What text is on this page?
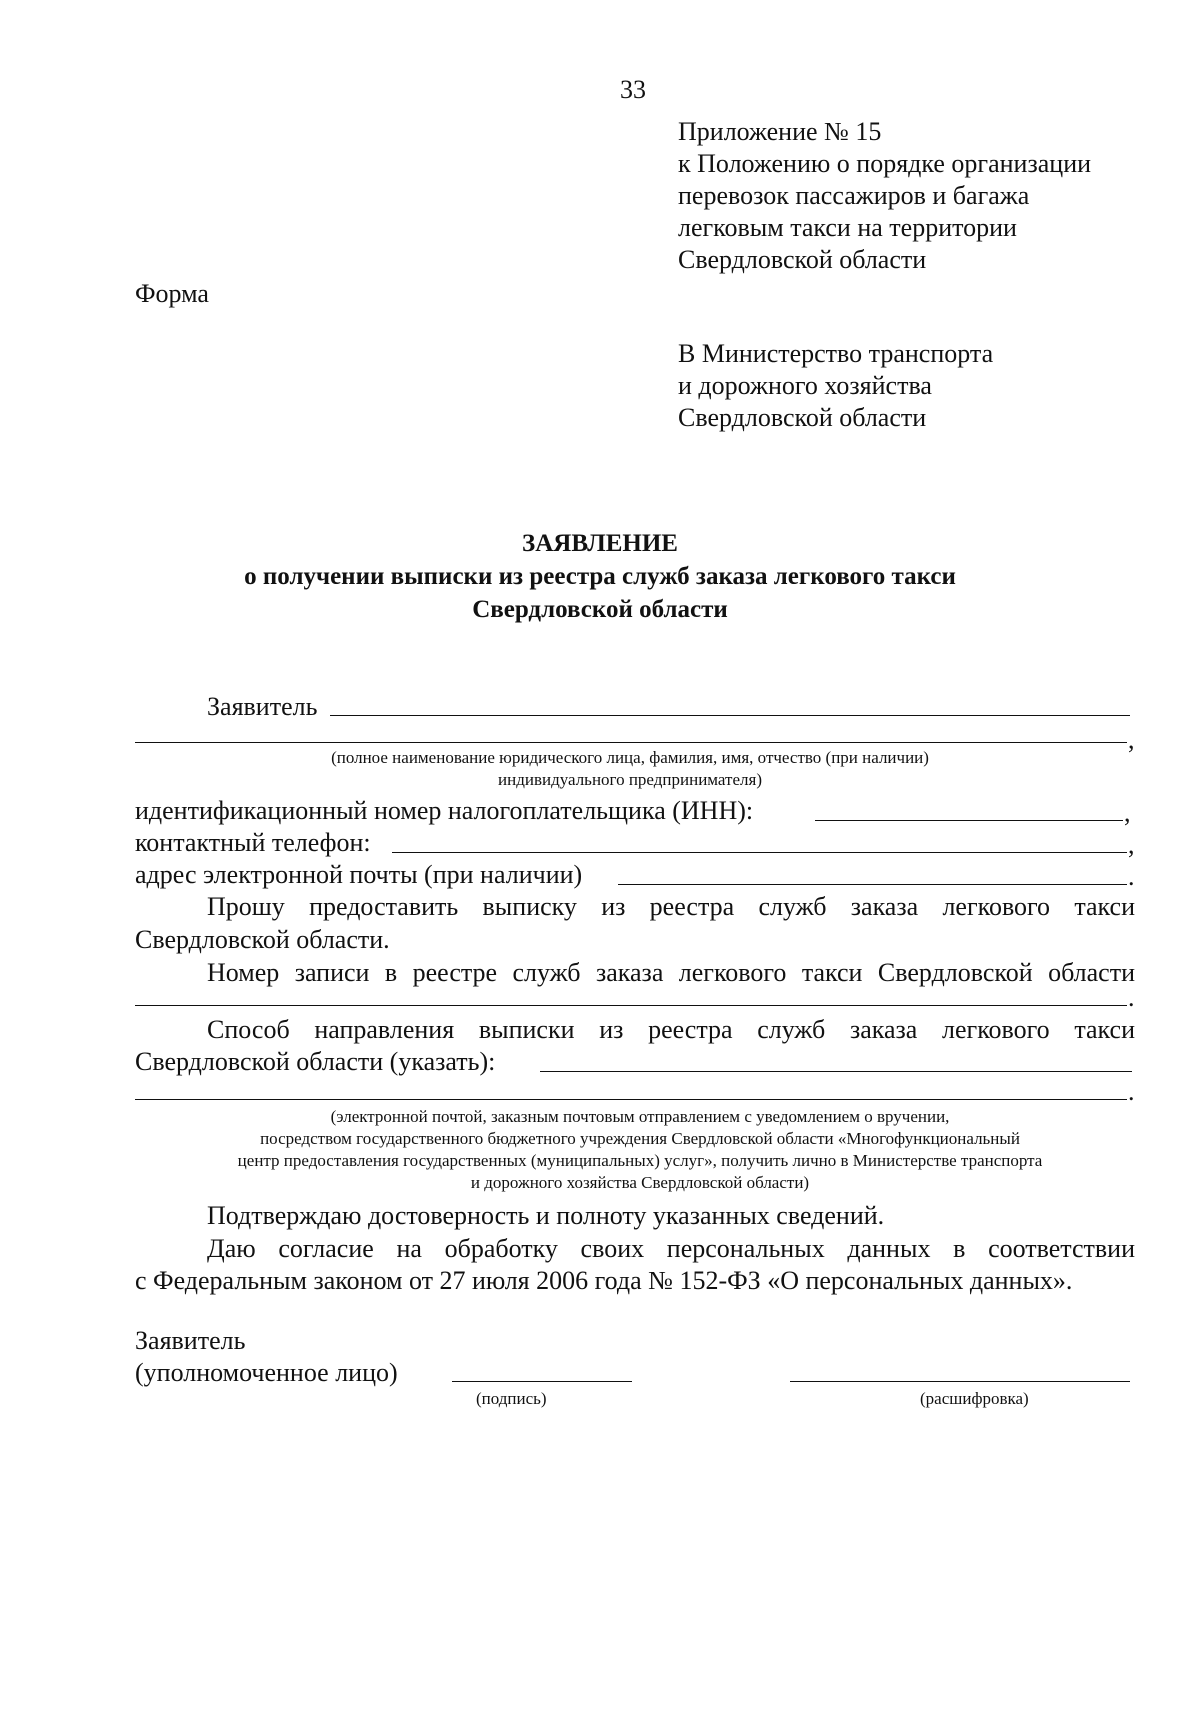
33
Приложение № 15
к Положению о порядке организации
перевозок пассажиров и багажа
легковым такси на территории
Свердловской области
Форма
В Министерство транспорта
и дорожного хозяйства
Свердловской области
ЗАЯВЛЕНИЕ
о получении выписки из реестра служб заказа легкового такси
Свердловской области
Заявитель
,
(полное наименование юридического лица, фамилия, имя, отчество (при наличии)
индивидуального предпринимателя)
идентификационный номер налогоплательщика (ИНН):	,
контактный телефон:	,
адрес электронной почты (при наличии)	.
Прошу предоставить выписку из реестра служб заказа легкового такси
Свердловской области.
Номер записи в реестре служб заказа легкового такси Свердловской области
.
Способ направления выписки из реестра служб заказа легкового такси
Свердловской области (указать):
.
(электронной почтой, заказным почтовым отправлением с уведомлением о вручении,
посредством государственного бюджетного учреждения Свердловской области «Многофункциональный
центр предоставления государственных (муниципальных) услуг», получить лично в Министерстве транспорта
и дорожного хозяйства Свердловской области)
Подтверждаю достоверность и полноту указанных сведений.
Даю согласие на обработку своих персональных данных в соответствии
с Федеральным законом от 27 июля 2006 года № 152-ФЗ «О персональных данных».
Заявитель
(уполномоченное лицо)
(подпись)	(расшифровка)
